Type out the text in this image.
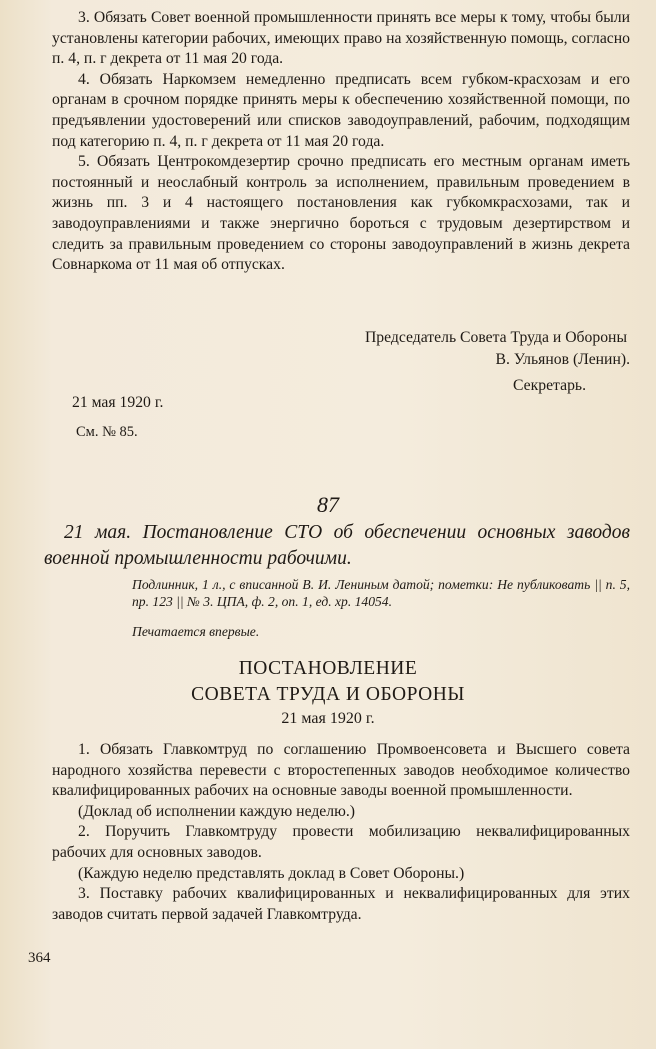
3. Обязать Совет военной промышленности принять все меры к тому, чтобы были установлены категории рабочих, имеющих право на хозяйственную помощь, согласно п. 4, п. г декрета от 11 мая 20 года.

4. Обязать Наркомзем немедленно предписать всем губком-красхозам и его органам в срочном порядке принять меры к обеспечению хозяйственной помощи, по предъявлении удостоверений или списков заводоуправлений, рабочим, подходящим под категорию п. 4, п. г декрета от 11 мая 20 года.

5. Обязать Центрокомдезертир срочно предписать его местным органам иметь постоянный и неослабный контроль за исполнением, правильным проведением в жизнь пп. 3 и 4 настоящего постановления как губкомкрасхозами, так и заводоуправлениями и также энергично бороться с трудовым дезертирством и следить за правильным проведением со стороны заводоуправлений в жизнь декрета Совнаркома от 11 мая об отпусках.

Председатель Совета Труда и Обороны
В. Ульянов (Ленин).
Секретарь.
21 мая 1920 г.
См. № 85.
87
21 мая. Постановление СТО об обеспечении основных заводов военной промышленности рабочими.
Подлинник, 1 л., с вписанной В. И. Лениным датой; пометки: Не публиковать || п. 5, пр. 123 || № 3. ЦПА, ф. 2, оп. 1, ед. хр. 14054.
Печатается впервые.
ПОСТАНОВЛЕНИЕ
СОВЕТА ТРУДА И ОБОРОНЫ
21 мая 1920 г.

1. Обязать Главкомтруд по соглашению Промвоенсовета и Высшего совета народного хозяйства перевести с второстепенных заводов необходимое количество квалифицированных рабочих на основные заводы военной промышленности.

(Доклад об исполнении каждую неделю.)

2. Поручить Главкомтруду провести мобилизацию неквалифицированных рабочих для основных заводов.

(Каждую неделю представлять доклад в Совет Обороны.)

3. Поставку рабочих квалифицированных и неквалифицированных для этих заводов считать первой задачей Главкомтруда.

364
